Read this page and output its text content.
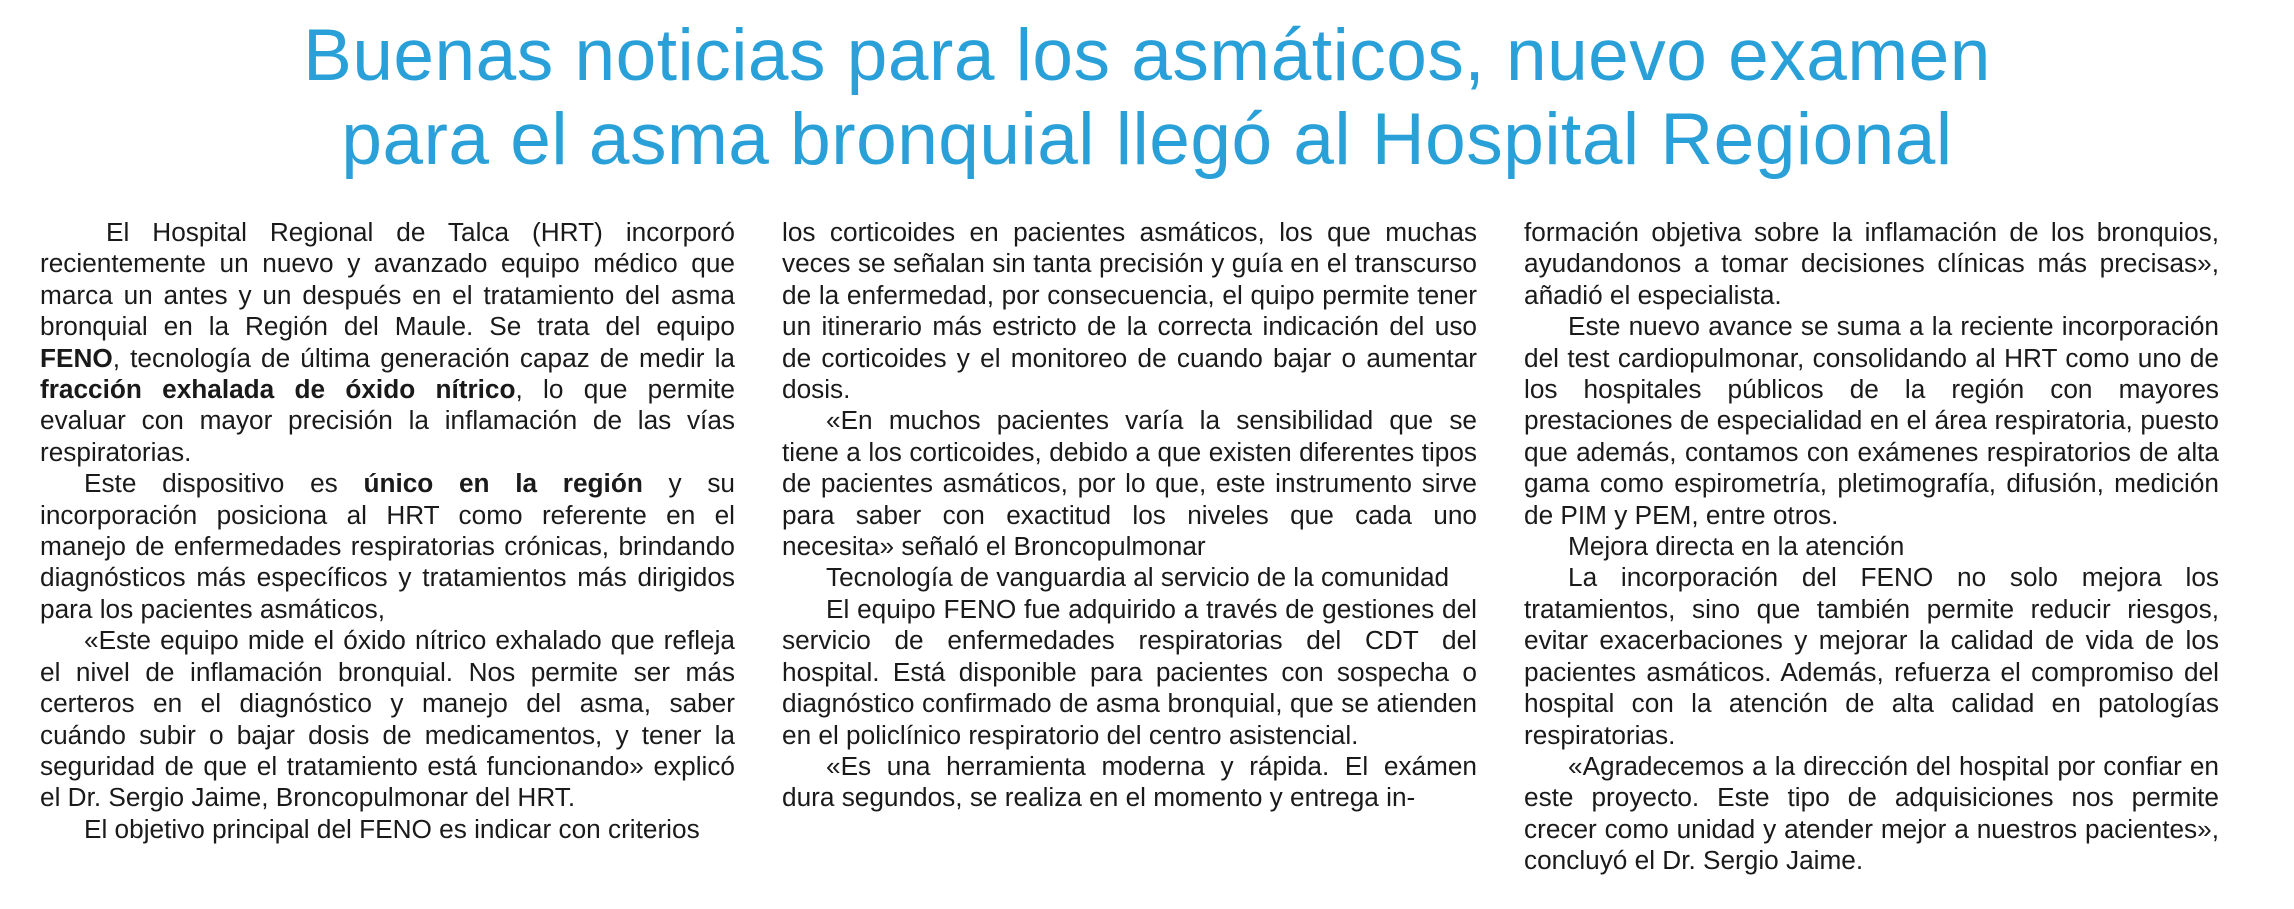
Buenas noticias para los asmáticos, nuevo examen
para el asma bronquial llegó al Hospital Regional

El Hospital Regional de Talca (HRT) incorporó recientemente un nuevo y avanzado equipo médico que marca un antes y un después en el tratamiento del asma bronquial en la Región del Maule. Se trata del equipo FENO, tecnología de última generación capaz de medir la fracción exhalada de óxido nítrico, lo que permite evaluar con mayor precisión la inflamación de las vías respiratorias.

Este dispositivo es único en la región y su incorporación posiciona al HRT como referente en el manejo de enfermedades respiratorias crónicas, brindando diagnósticos más específicos y tratamientos más dirigidos para los pacientes asmáticos,

«Este equipo mide el óxido nítrico exhalado que refleja el nivel de inflamación bronquial. Nos permite ser más certeros en el diagnóstico y manejo del asma, saber cuándo subir o bajar dosis de medicamentos, y tener la seguridad de que el tratamiento está funcionando» explicó el Dr. Sergio Jaime, Broncopulmonar del HRT.

El objetivo principal del FENO es indicar con criterios

los corticoides en pacientes asmáticos, los que muchas veces se señalan sin tanta precisión y guía en el transcurso de la enfermedad, por consecuencia, el quipo permite tener un itinerario más estricto de la correcta indicación del uso de corticoides y el monitoreo de cuando bajar o aumentar dosis.

«En muchos pacientes varía la sensibilidad que se tiene a los corticoides, debido a que existen diferentes tipos de pacientes asmáticos, por lo que, este instrumento sirve para saber con exactitud los niveles que cada uno necesita» señaló el Broncopulmonar

Tecnología de vanguardia al servicio de la comunidad

El equipo FENO fue adquirido a través de gestiones del servicio de enfermedades respiratorias del CDT del hospital. Está disponible para pacientes con sospecha o diagnóstico confirmado de asma bronquial, que se atienden en el policlínico respiratorio del centro asistencial.

«Es una herramienta moderna y rápida. El exámen dura segundos, se realiza en el momento y entrega in-

formación objetiva sobre la inflamación de los bronquios, ayudandonos a tomar decisiones clínicas más precisas», añadió el especialista.

Este nuevo avance se suma a la reciente incorporación del test cardiopulmonar, consolidando al HRT como uno de los hospitales públicos de la región con mayores prestaciones de especialidad en el área respiratoria, puesto que además, contamos con exámenes respiratorios de alta gama como espirometría, pletimografía, difusión, medición de PIM y PEM, entre otros.

Mejora directa en la atención

La incorporación del FENO no solo mejora los tratamientos, sino que también permite reducir riesgos, evitar exacerbaciones y mejorar la calidad de vida de los pacientes asmáticos. Además, refuerza el compromiso del hospital con la atención de alta calidad en patologías respiratorias.

«Agradecemos a la dirección del hospital por confiar en este proyecto. Este tipo de adquisiciones nos permite crecer como unidad y atender mejor a nuestros pacientes», concluyó el Dr. Sergio Jaime.
